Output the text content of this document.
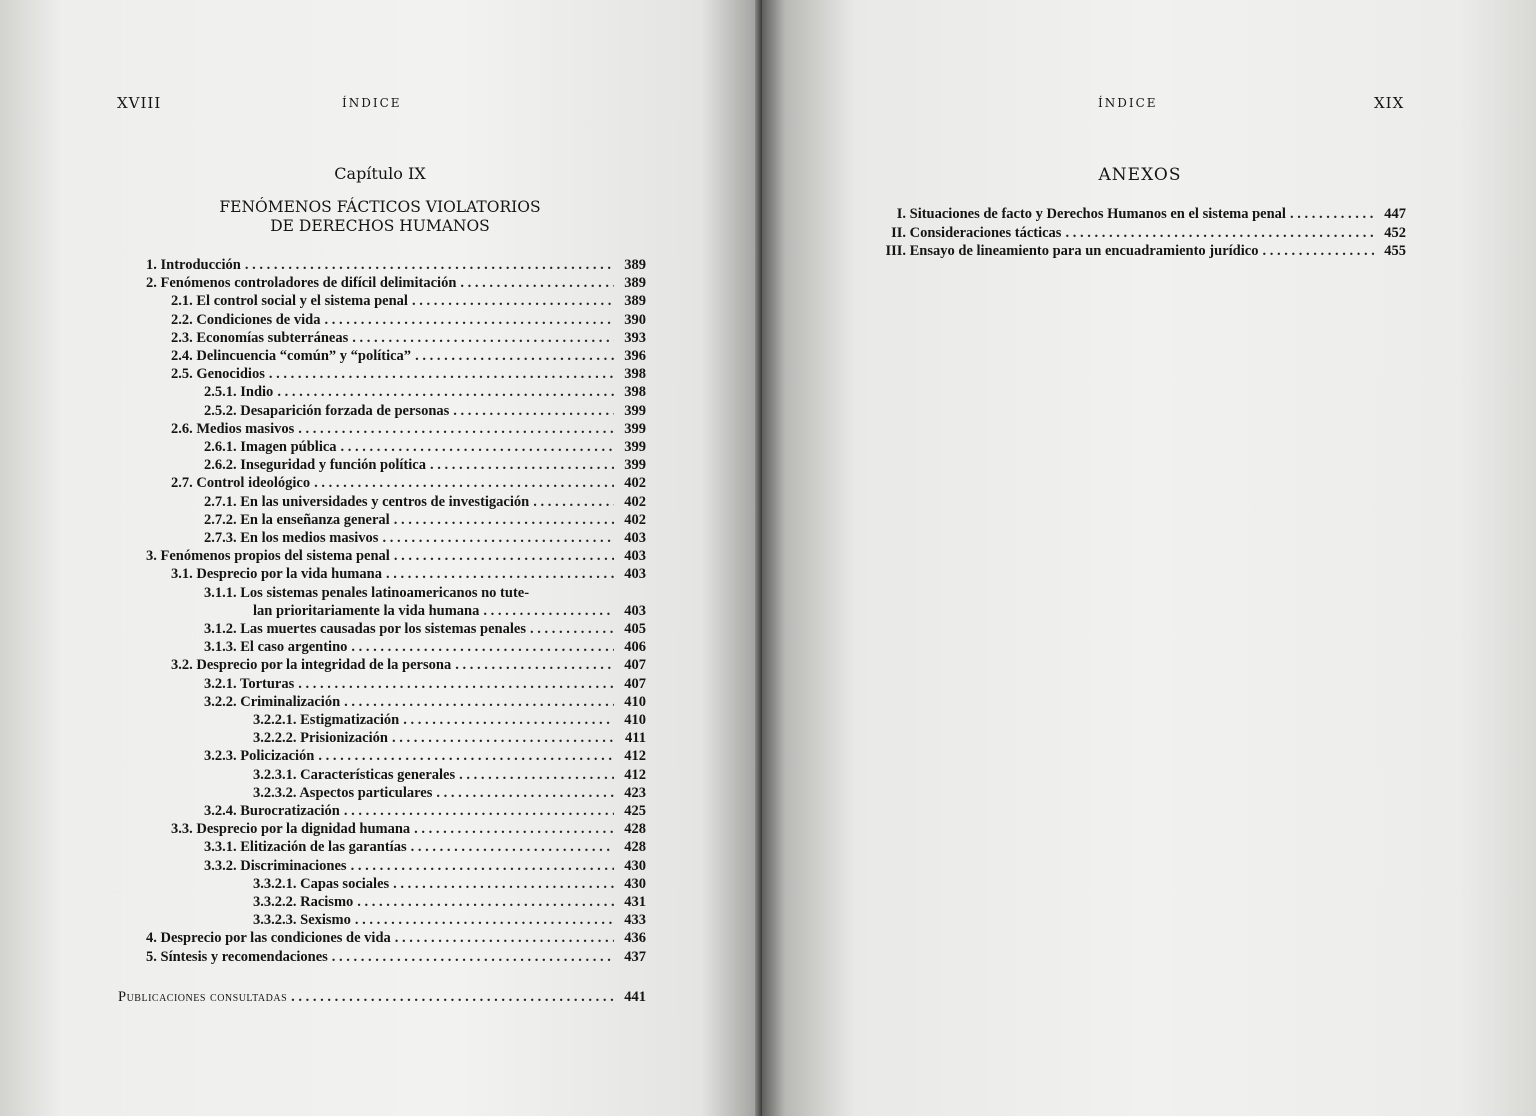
XVIII	ÍNDICE
Capítulo IX
FENÓMENOS FÁCTICOS VIOLATORIOS
DE DERECHOS HUMANOS
1. Introducción . . .	389
2. Fenómenos controladores de difícil delimitación . . .	389
2.1. El control social y el sistema penal . . .	389
2.2. Condiciones de vida . . .	390
2.3. Economías subterráneas . . .	393
2.4. Delincuencia “común” y “política” . . .	396
2.5. Genocidios . . .	398
2.5.1. Indio . . .	398
2.5.2. Desaparición forzada de personas . . .	399
2.6. Medios masivos . . .	399
2.6.1. Imagen pública . . .	399
2.6.2. Inseguridad y función política . . .	399
2.7. Control ideológico . . .	402
2.7.1. En las universidades y centros de investigación . . .	402
2.7.2. En la enseñanza general . . .	402
2.7.3. En los medios masivos . . .	403
3. Fenómenos propios del sistema penal . . .	403
3.1. Desprecio por la vida humana . . .	403
3.1.1. Los sistemas penales latinoamericanos no tute-
lan prioritariamente la vida humana . . .	403
3.1.2. Las muertes causadas por los sistemas penales . . .	405
3.1.3. El caso argentino . . .	406
3.2. Desprecio por la integridad de la persona . . .	407
3.2.1. Torturas . . .	407
3.2.2. Criminalización . . .	410
3.2.2.1. Estigmatización . . .	410
3.2.2.2. Prisionización . . .	411
3.2.3. Policización . . .	412
3.2.3.1. Características generales . . .	412
3.2.3.2. Aspectos particulares . . .	423
3.2.4. Burocratización . . .	425
3.3. Desprecio por la dignidad humana . . .	428
3.3.1. Elitización de las garantías . . .	428
3.3.2. Discriminaciones . . .	430
3.3.2.1. Capas sociales . . .	430
3.3.2.2. Racismo . . .	431
3.3.2.3. Sexismo . . .	433
4. Desprecio por las condiciones de vida . . .	436
5. Síntesis y recomendaciones . . .	437
Publicaciones consultadas . . .	441
ÍNDICE	XIX
ANEXOS
I. Situaciones de facto y Derechos Humanos en el sistema penal . . .	447
II. Consideraciones tácticas . . .	452
III. Ensayo de lineamiento para un encuadramiento jurídico . . .	455
